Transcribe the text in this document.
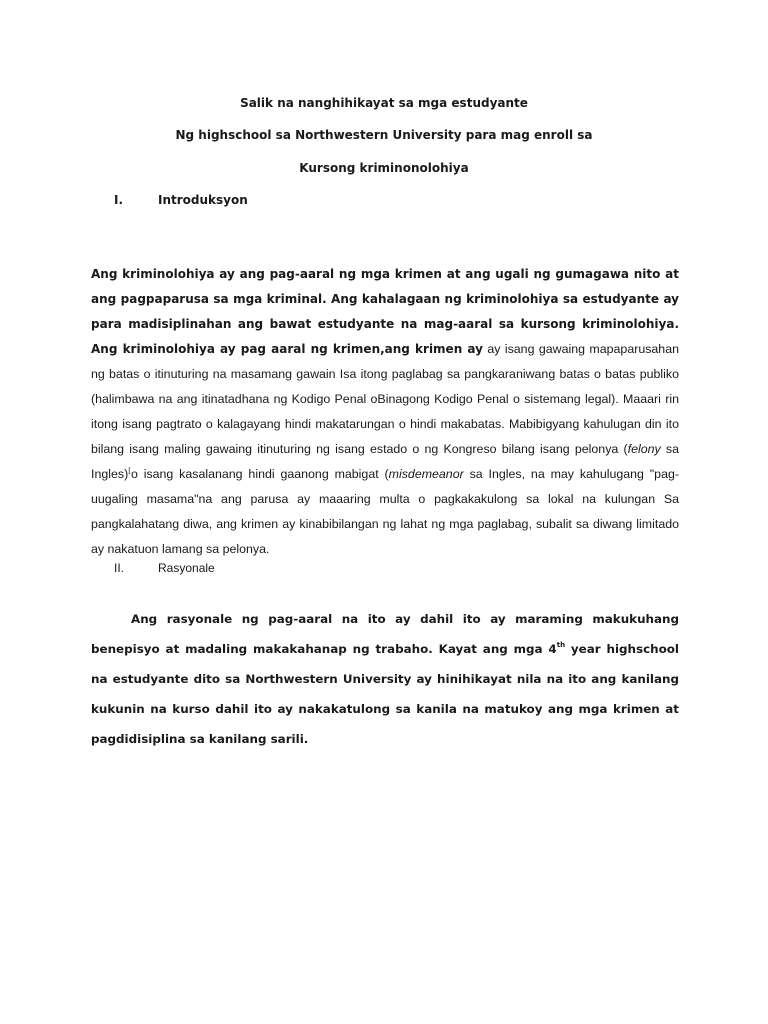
Salik na nanghihikayat sa mga estudyante
Ng highschool sa Northwestern University para mag enroll sa
Kursong kriminonolohiya
I.	Introduksyon

Ang kriminolohiya ay ang pag-aaral ng mga krimen at ang ugali ng gumagawa nito at ang pagpaparusa sa mga kriminal. Ang kahalagaan ng kriminolohiya sa estudyante ay para madisiplinahan ang bawat estudyante na mag-aaral sa kursong kriminolohiya. Ang kriminolohiya ay pag aaral ng krimen,ang krimen ay ay isang gawaing mapaparusahan ng batas o itinuturing na masamang gawain Isa itong paglabag sa pangkaraniwang batas o batas publiko (halimbawa na ang itinatadhana ng Kodigo Penal oBinagong Kodigo Penal o sistemang legal). Maaari rin itong isang pagtrato o kalagayang hindi makatarungan o hindi makabatas. Mabibigyang kahulugan din ito bilang isang maling gawaing itinuturing ng isang estado o ng Kongreso bilang isang pelonya (felony sa Ingles)[o isang kasalanang hindi gaanong mabigat (misdemeanor sa Ingles, na may kahulugang "pag-uugaling masama"na ang parusa ay maaaring multa o pagkakakulong sa lokal na kulungan Sa pangkalahatang diwa, ang krimen ay kinabibilangan ng lahat ng mga paglabag, subalit sa diwang limitado ay nakatuon lamang sa pelonya.

II.	Rasyonale

Ang rasyonale ng pag-aaral na ito ay dahil ito ay maraming makukuhang benepisyo at madaling makakahanap ng trabaho. Kayat ang mga 4th year highschool na estudyante dito sa Northwestern University ay hinihikayat nila na ito ang kanilang kukunin na kurso dahil ito ay nakakatulong sa kanila na matukoy ang mga krimen at pagdidisiplina sa kanilang sarili.
